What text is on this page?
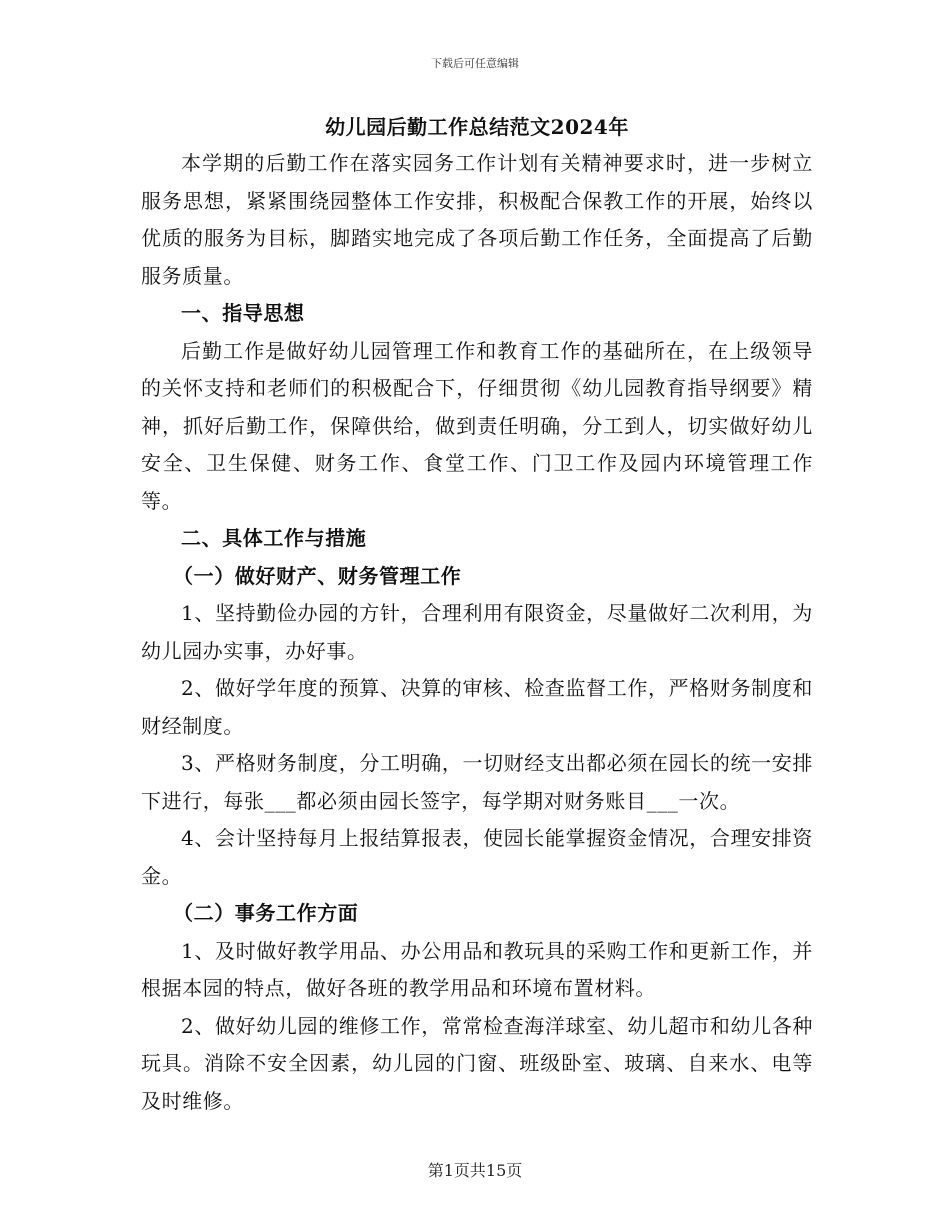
下载后可任意编辑
幼儿园后勤工作总结范文2024年

本学期的后勤工作在落实园务工作计划有关精神要求时，进一步树立服务思想，紧紧围绕园整体工作安排，积极配合保教工作的开展，始终以优质的服务为目标，脚踏实地完成了各项后勤工作任务，全面提高了后勤服务质量。

一、指导思想

后勤工作是做好幼儿园管理工作和教育工作的基础所在，在上级领导的关怀支持和老师们的积极配合下，仔细贯彻《幼儿园教育指导纲要》精神，抓好后勤工作，保障供给，做到责任明确，分工到人，切实做好幼儿安全、卫生保健、财务工作、食堂工作、门卫工作及园内环境管理工作等。

二、具体工作与措施

（一）做好财产、财务管理工作

1、坚持勤俭办园的方针，合理利用有限资金，尽量做好二次利用，为幼儿园办实事，办好事。

2、做好学年度的预算、决算的审核、检查监督工作，严格财务制度和财经制度。

3、严格财务制度，分工明确，一切财经支出都必须在园长的统一安排下进行，每张___都必须由园长签字，每学期对财务账目___一次。

4、会计坚持每月上报结算报表，使园长能掌握资金情况，合理安排资金。

（二）事务工作方面

1、及时做好教学用品、办公用品和教玩具的采购工作和更新工作，并根据本园的特点，做好各班的教学用品和环境布置材料。

2、做好幼儿园的维修工作，常常检查海洋球室、幼儿超市和幼儿各种玩具。消除不安全因素，幼儿园的门窗、班级卧室、玻璃、自来水、电等及时维修。

第1页共15页
